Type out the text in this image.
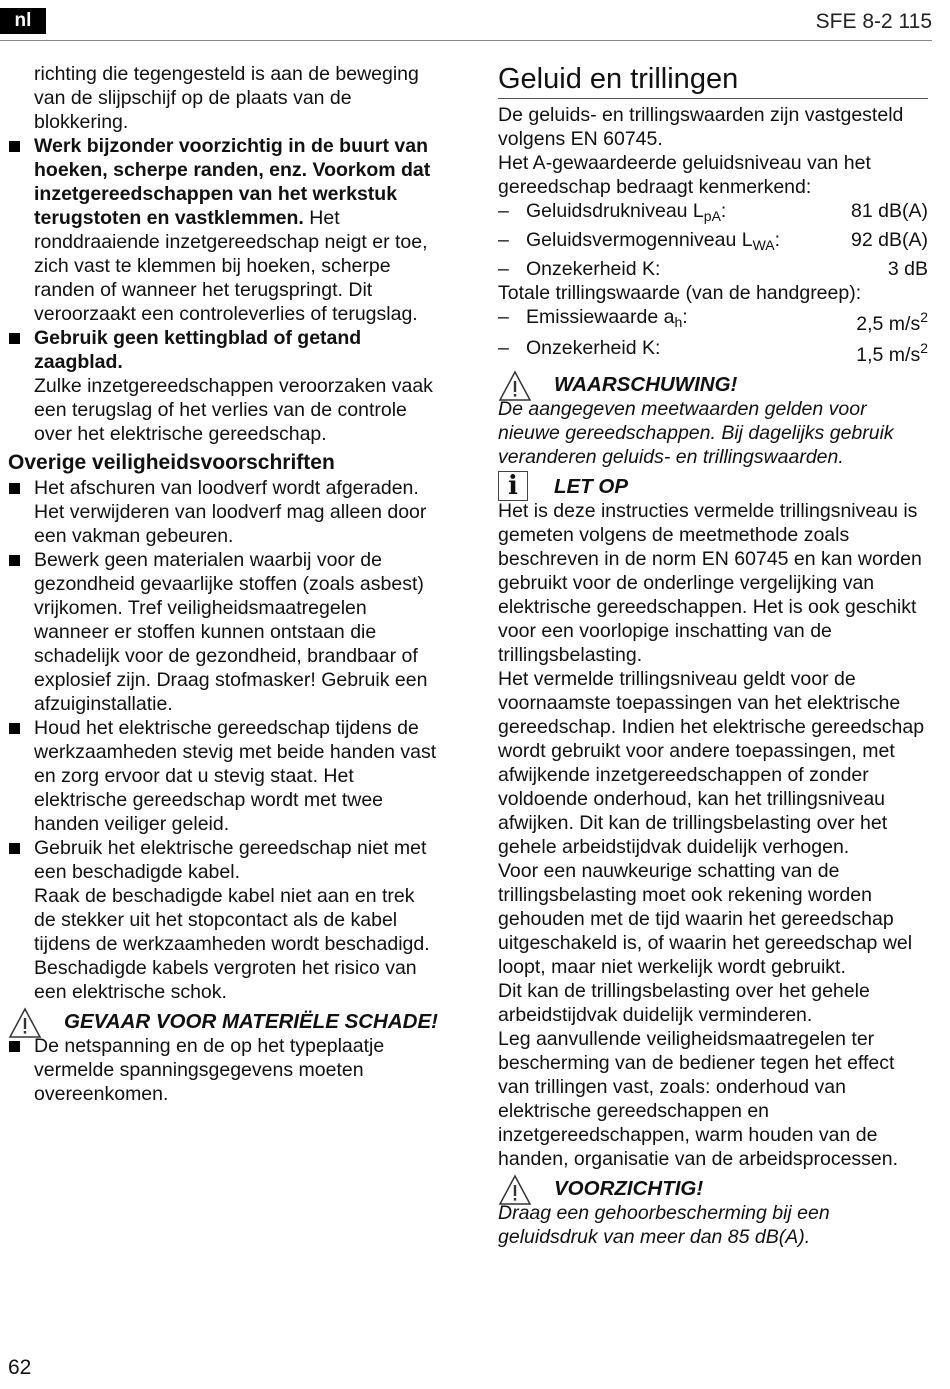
nl	SFE 8-2 115

richting die tegengesteld is aan de beweging van de slijpschijf op de plaats van de blokkering.

Werk bijzonder voorzichtig in de buurt van hoeken, scherpe randen, enz. Voorkom dat inzetgereedschappen van het werkstuk terugstoten en vastklemmen. Het ronddraaiende inzetgereedschap neigt er toe, zich vast te klemmen bij hoeken, scherpe randen of wanneer het terugspringt. Dit veroorzaakt een controleverlies of terugslag.
Gebruik geen kettingblad of getand zaagblad.

Zulke inzetgereedschappen veroorzaken vaak een terugslag of het verlies van de controle over het elektrische gereedschap.

Overige veiligheidsvoorschriften
Het afschuren van loodverf wordt afgeraden. Het verwijderen van loodverf mag alleen door een vakman gebeuren.
Bewerk geen materialen waarbij voor de gezondheid gevaarlijke stoffen (zoals asbest) vrijkomen. Tref veiligheidsmaatregelen wanneer er stoffen kunnen ontstaan die schadelijk voor de gezondheid, brandbaar of explosief zijn. Draag stofmasker! Gebruik een afzuiginstallatie.
Houd het elektrische gereedschap tijdens de werkzaamheden stevig met beide handen vast en zorg ervoor dat u stevig staat. Het elektrische gereedschap wordt met twee handen veiliger geleid.
Gebruik het elektrische gereedschap niet met een beschadigde kabel.

Raak de beschadigde kabel niet aan en trek de stekker uit het stopcontact als de kabel tijdens de werkzaamheden wordt beschadigd. Beschadigde kabels vergroten het risico van een elektrische schok.

GEVAAR VOOR MATERIËLE SCHADE!
De netspanning en de op het typeplaatje vermelde spanningsgegevens moeten overeenkomen.
Geluid en trillingen

De geluids- en trillingswaarden zijn vastgesteld volgens EN 60745.

Het A-gewaardeerde geluidsniveau van het gereedschap bedraagt kenmerkend:

– Geluidsdrukniveau $L_{pA}$:	81 dB(A)
– Geluidsvermogenniveau $L_{WA}$:	92 dB(A)
– Onzekerheid K:	3 dB

Totale trillingswaarde (van de handgreep):

– Emissiewaarde $a_h$:	2,5 $m/s^2$
– Onzekerheid K:	1,5 $m/s^2$
WAARSCHUWING!

De aangegeven meetwaarden gelden voor nieuwe gereedschappen. Bij dagelijks gebruik veranderen geluids- en trillingswaarden.

i	LET OP

Het is deze instructies vermelde trillingsniveau is gemeten volgens de meetmethode zoals beschreven in de norm EN 60745 en kan worden gebruikt voor de onderlinge vergelijking van elektrische gereedschappen. Het is ook geschikt voor een voorlopige inschatting van de trillingsbelasting.

Het vermelde trillingsniveau geldt voor de voornaamste toepassingen van het elektrische gereedschap. Indien het elektrische gereedschap wordt gebruikt voor andere toepassingen, met afwijkende inzetgereedschappen of zonder voldoende onderhoud, kan het trillingsniveau afwijken. Dit kan de trillingsbelasting over het gehele arbeidstijdvak duidelijk verhogen.

Voor een nauwkeurige schatting van de trillingsbelasting moet ook rekening worden gehouden met de tijd waarin het gereedschap uitgeschakeld is, of waarin het gereedschap wel loopt, maar niet werkelijk wordt gebruikt.

Dit kan de trillingsbelasting over het gehele arbeidstijdvak duidelijk verminderen.

Leg aanvullende veiligheidsmaatregelen ter bescherming van de bediener tegen het effect van trillingen vast, zoals: onderhoud van elektrische gereedschappen en inzetgereedschappen, warm houden van de handen, organisatie van de arbeidsprocessen.

VOORZICHTIG!

Draag een gehoorbescherming bij een geluidsdruk van meer dan 85 dB(A).

62
